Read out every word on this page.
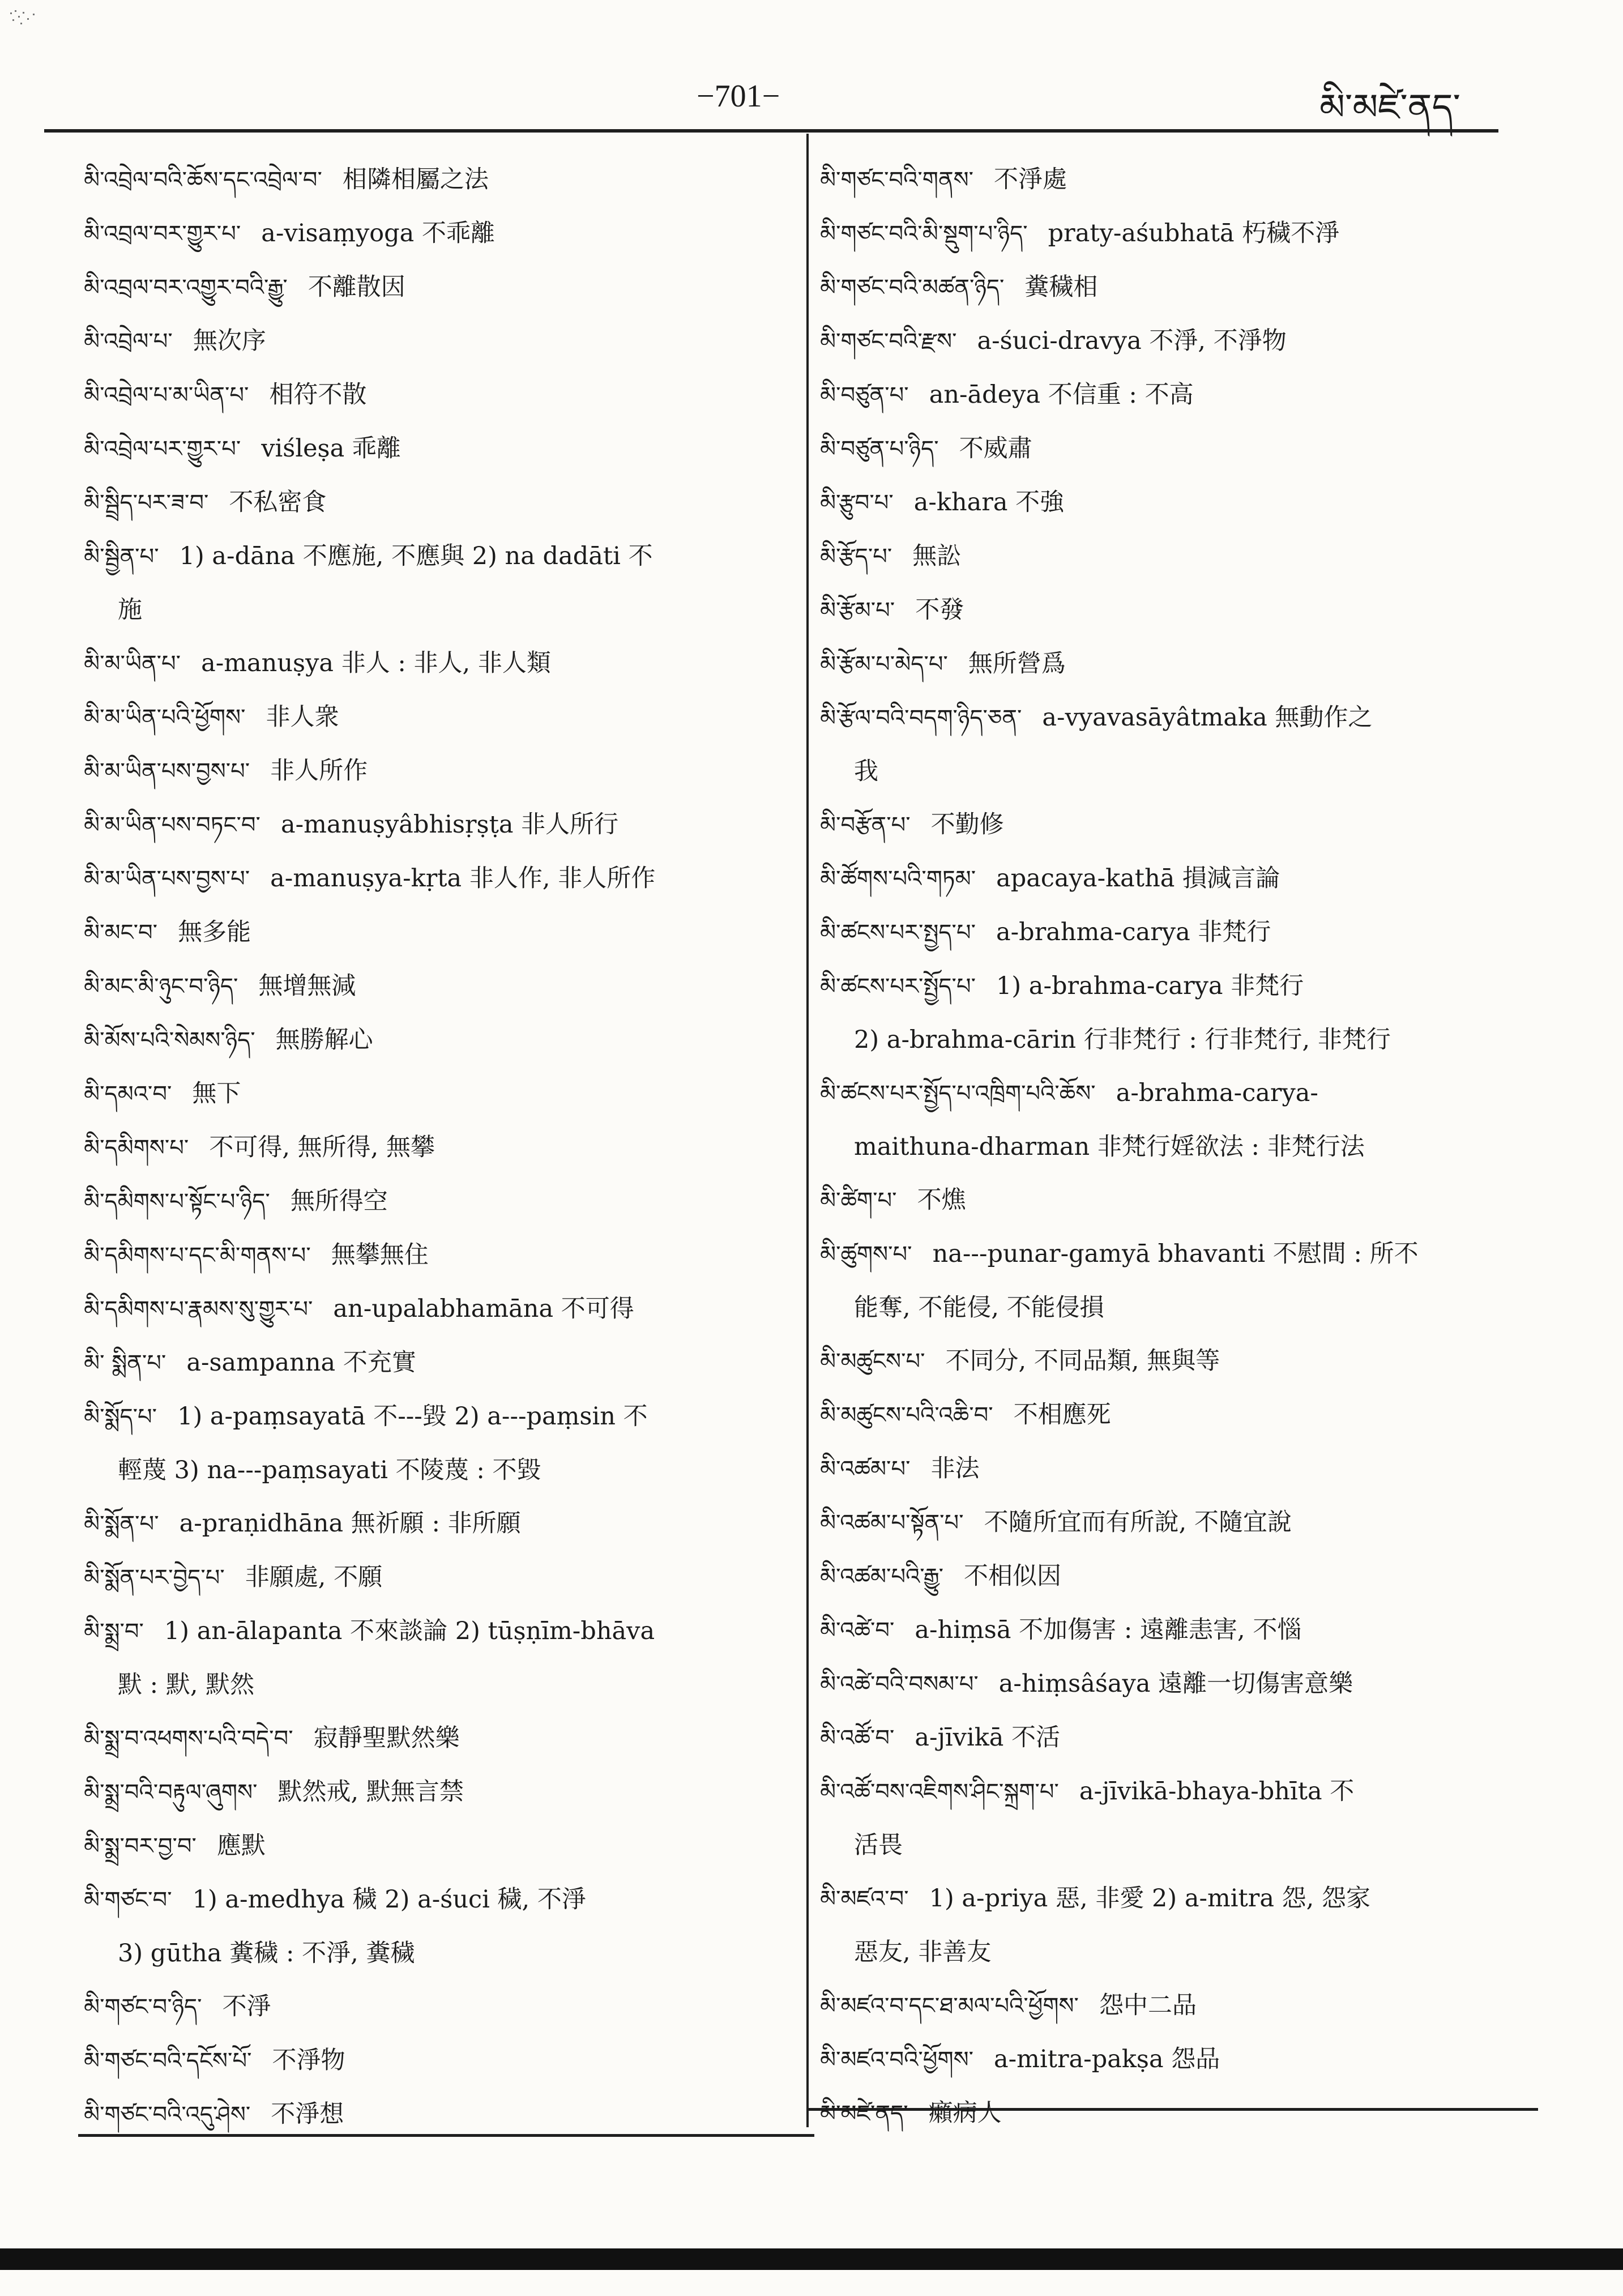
−701−	མི་མཛེ་ནད་
མི་འབྲེལ་བའི་ཆོས་དང་འབྲེལ་བ་ 相隣相屬之法
མི་འབྲལ་བར་གྱུར་པ་ a-visaṃyoga 不乖離
མི་འབྲལ་བར་འགྱུར་བའི་རྒྱུ་ 不離散因
མི་འབྲེལ་པ་ 無次序
མི་འབྲེལ་པ་མ་ཡིན་པ་ 相符不散
མི་འབྲེལ་པར་གྱུར་པ་ viśleṣa 乖離
མི་སྦྲིད་པར་ཟ་བ་ 不私密食
མི་སྦྱིན་པ་ 1) a-dāna 不應施, 不應與 2) na dadāti 不
施
མི་མ་ཡིན་པ་ a-manuṣya 非人 : 非人, 非人類
མི་མ་ཡིན་པའི་ཕྱོགས་ 非人衆
མི་མ་ཡིན་པས་བྱས་པ་ 非人所作
མི་མ་ཡིན་པས་བཏང་བ་ a-manuṣyâbhisṛṣṭa 非人所行
མི་མ་ཡིན་པས་བྱས་པ་ a-manuṣya-kṛta 非人作, 非人所作
མི་མང་བ་ 無多能
མི་མང་མི་ཉུང་བ་ཉིད་ 無增無減
མི་མོས་པའི་སེམས་ཉིད་ 無勝解心
མི་དམའ་བ་ 無下
མི་དམིགས་པ་ 不可得, 無所得, 無攀
མི་དམིགས་པ་སྟོང་པ་ཉིད་ 無所得空
མི་དམིགས་པ་དང་མི་གནས་པ་ 無攀無住
མི་དམིགས་པ་རྣམས་སུ་གྱུར་པ་ an-upalabhamāna 不可得
མི་ སྨིན་པ་ a-sampanna 不充實
མི་སྨོད་པ་ 1) a-paṃsayatā 不---毀 2) a---paṃsin 不
輕蔑 3) na---paṃsayati 不陵蔑 : 不毀
མི་སྨོན་པ་ a-praṇidhāna 無祈願 : 非所願
མི་སྨོན་པར་བྱེད་པ་ 非願處, 不願
མི་སྨྲ་བ་ 1) an-ālapanta 不來談論 2) tūṣṇīm-bhāva
默 : 默, 默然
མི་སྨྲ་བ་འཕགས་པའི་བདེ་བ་ 寂靜聖默然樂
མི་སྨྲ་བའི་བརྟུལ་ཞུགས་ 默然戒, 默無言禁
མི་སྨྲ་བར་བྱ་བ་ 應默
མི་གཙང་བ་ 1) a-medhya 穢 2) a-śuci 穢, 不淨
3) gūtha 糞穢 : 不淨, 糞穢
མི་གཙང་བ་ཉིད་ 不淨
མི་གཙང་བའི་དངོས་པོ་ 不淨物
མི་གཙང་བའི་འདུ་ཤེས་ 不淨想
མི་གཙང་བའི་གནས་ 不淨處
མི་གཙང་བའི་མི་སྡུག་པ་ཉིད་ praty-aśubhatā 朽穢不淨
མི་གཙང་བའི་མཚན་ཉིད་ 糞穢相
མི་གཙང་བའི་རྫས་ a-śuci-dravya 不淨, 不淨物
མི་བཙུན་པ་ an-ādeya 不信重 : 不高
མི་བཙུན་པ་ཉིད་ 不威肅
མི་རྩུབ་པ་ a-khara 不強
མི་རྩོད་པ་ 無訟
མི་རྩོམ་པ་ 不發
མི་རྩོམ་པ་མེད་པ་ 無所營爲
མི་རྩོལ་བའི་བདག་ཉིད་ཅན་ a-vyavasāyâtmaka 無動作之
我
མི་བརྩོན་པ་ 不勤修
མི་ཚོགས་པའི་གཏམ་ apacaya-kathā 損減言論
མི་ཚངས་པར་སྤྱད་པ་ a-brahma-carya 非梵行
མི་ཚངས་པར་སྤྱོད་པ་ 1) a-brahma-carya 非梵行
2) a-brahma-cārin 行非梵行 : 行非梵行, 非梵行
མི་ཚངས་པར་སྤྱོད་པ་འཁྲིག་པའི་ཆོས་ a-brahma-carya-
maithuna-dharman 非梵行婬欲法 : 非梵行法
མི་ཚིག་པ་ 不燋
མི་ཚུགས་པ་ na---punar-gamyā bhavanti 不慰間 : 所不
能奪, 不能侵, 不能侵損
མི་མཚུངས་པ་ 不同分, 不同品類, 無與等
མི་མཚུངས་པའི་འཆི་བ་ 不相應死
མི་འཚམ་པ་ 非法
མི་འཚམ་པ་སྟོན་པ་ 不隨所宜而有所說, 不隨宜說
མི་འཚམ་པའི་རྒྱུ་ 不相似因
མི་འཚེ་བ་ a-hiṃsā 不加傷害 : 遠離恚害, 不惱
མི་འཚེ་བའི་བསམ་པ་ a-hiṃsâśaya 遠離一切傷害意樂
མི་འཚོ་བ་ a-jīvikā 不活
མི་འཚོ་བས་འཇིགས་ཤིང་སྐྲག་པ་ a-jīvikā-bhaya-bhīta 不
活畏
མི་མཛའ་བ་ 1) a-priya 惡, 非愛 2) a-mitra 怨, 怨家
惡友, 非善友
མི་མཛའ་བ་དང་ཐ་མལ་པའི་ཕྱོགས་ 怨中二品
མི་མཛའ་བའི་ཕྱོགས་ a-mitra-pakṣa 怨品
མི་མཛེ་ནད་ 癩病人
